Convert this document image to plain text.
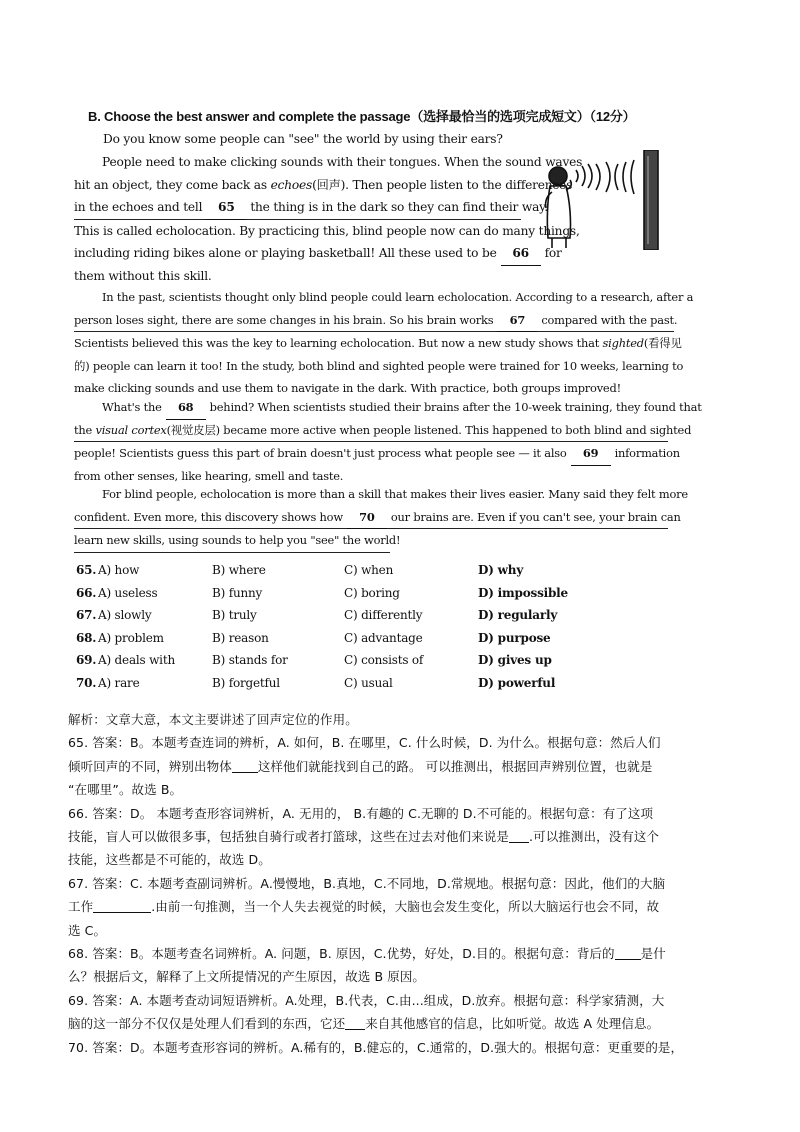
B. Choose the best answer and complete the passage（选择最恰当的选项完成短文）（12分）
Do you know some people can "see" the world by using their ears?
People need to make clicking sounds with their tongues. When the sound waves
hit an object, they come back as echoes(回声). Then people listen to the differences
in the echoes and tell 65 the thing is in the dark so they can find their way.
This is called echolocation. By practicing this, blind people now can do many things,
including riding bikes alone or playing basketball! All these used to be 66 for
them without this skill.
In the past, scientists thought only blind people could learn echolocation. According to a research, after a
person loses sight, there are some changes in his brain. So his brain works 67 compared with the past.
Scientists believed this was the key to learning echolocation. But now a new study shows that sighted(看得见
的) people can learn it too! In the study, both blind and sighted people were trained for 10 weeks, learning to
make clicking sounds and use them to navigate in the dark. With practice, both groups improved!
What's the 68 behind? When scientists studied their brains after the 10-week training, they found that
the visual cortex(视觉皮层) became more active when people listened. This happened to both blind and sighted
people! Scientists guess this part of brain doesn't just process what people see — it also 69 information
from other senses, like hearing, smell and taste.
For blind people, echolocation is more than a skill that makes their lives easier. Many said they felt more
confident. Even more, this discovery shows how 70 our brains are. Even if you can't see, your brain can
learn new skills, using sounds to help you "see" the world!
65. A) how	B) where	C) when	D) why
66. A) useless	B) funny	C) boring	D) impossible
67. A) slowly	B) truly	C) differently	D) regularly
68. A) problem	B) reason	C) advantage	D) purpose
69. A) deals with	B) stands for	C) consists of	D) gives up
70. A) rare	B) forgetful	C) usual	D) powerful

解析：文章大意，本文主要讲述了回声定位的作用。

65. 答案：B。本题考查连词的辨析，A. 如何，B. 在哪里，C. 什么时候，D. 为什么。根据句意：然后人们

倾听回声的不同，辨别出物体 这样他们就能找到自己的路。 可以推测出，根据回声辨别位置，也就是

“在哪里”。故选 B。

66. 答案：D。 本题考查形容词辨析，A. 无用的， B.有趣的 C.无聊的 D.不可能的。根据句意：有了这项

技能，盲人可以做很多事，包括独自骑行或者打篮球，这些在过去对他们来说是 .可以推测出，没有这个

技能，这些都是不可能的，故选 D。

67. 答案：C. 本题考查副词辨析。A.慢慢地，B.真地，C.不同地，D.常规地。根据句意：因此，他们的大脑

工作	.由前一句推测，当一个人失去视觉的时候，大脑也会发生变化，所以大脑运行也会不同，故

选 C。

68. 答案：B。本题考查名词辨析。A. 问题，B. 原因，C.优势，好处，D.目的。根据句意：背后的 是什

么？根据后文，解释了上文所提情况的产生原因，故选 B 原因。

69. 答案：A. 本题考查动词短语辨析。A.处理，B.代表，C.由...组成，D.放弃。根据句意：科学家猜测，大

脑的这一部分不仅仅是处理人们看到的东西，它还 来自其他感官的信息，比如听觉。故选 A 处理信息。

70. 答案：D。本题考查形容词的辨析。A.稀有的，B.健忘的，C.通常的，D.强大的。根据句意：更重要的是，
